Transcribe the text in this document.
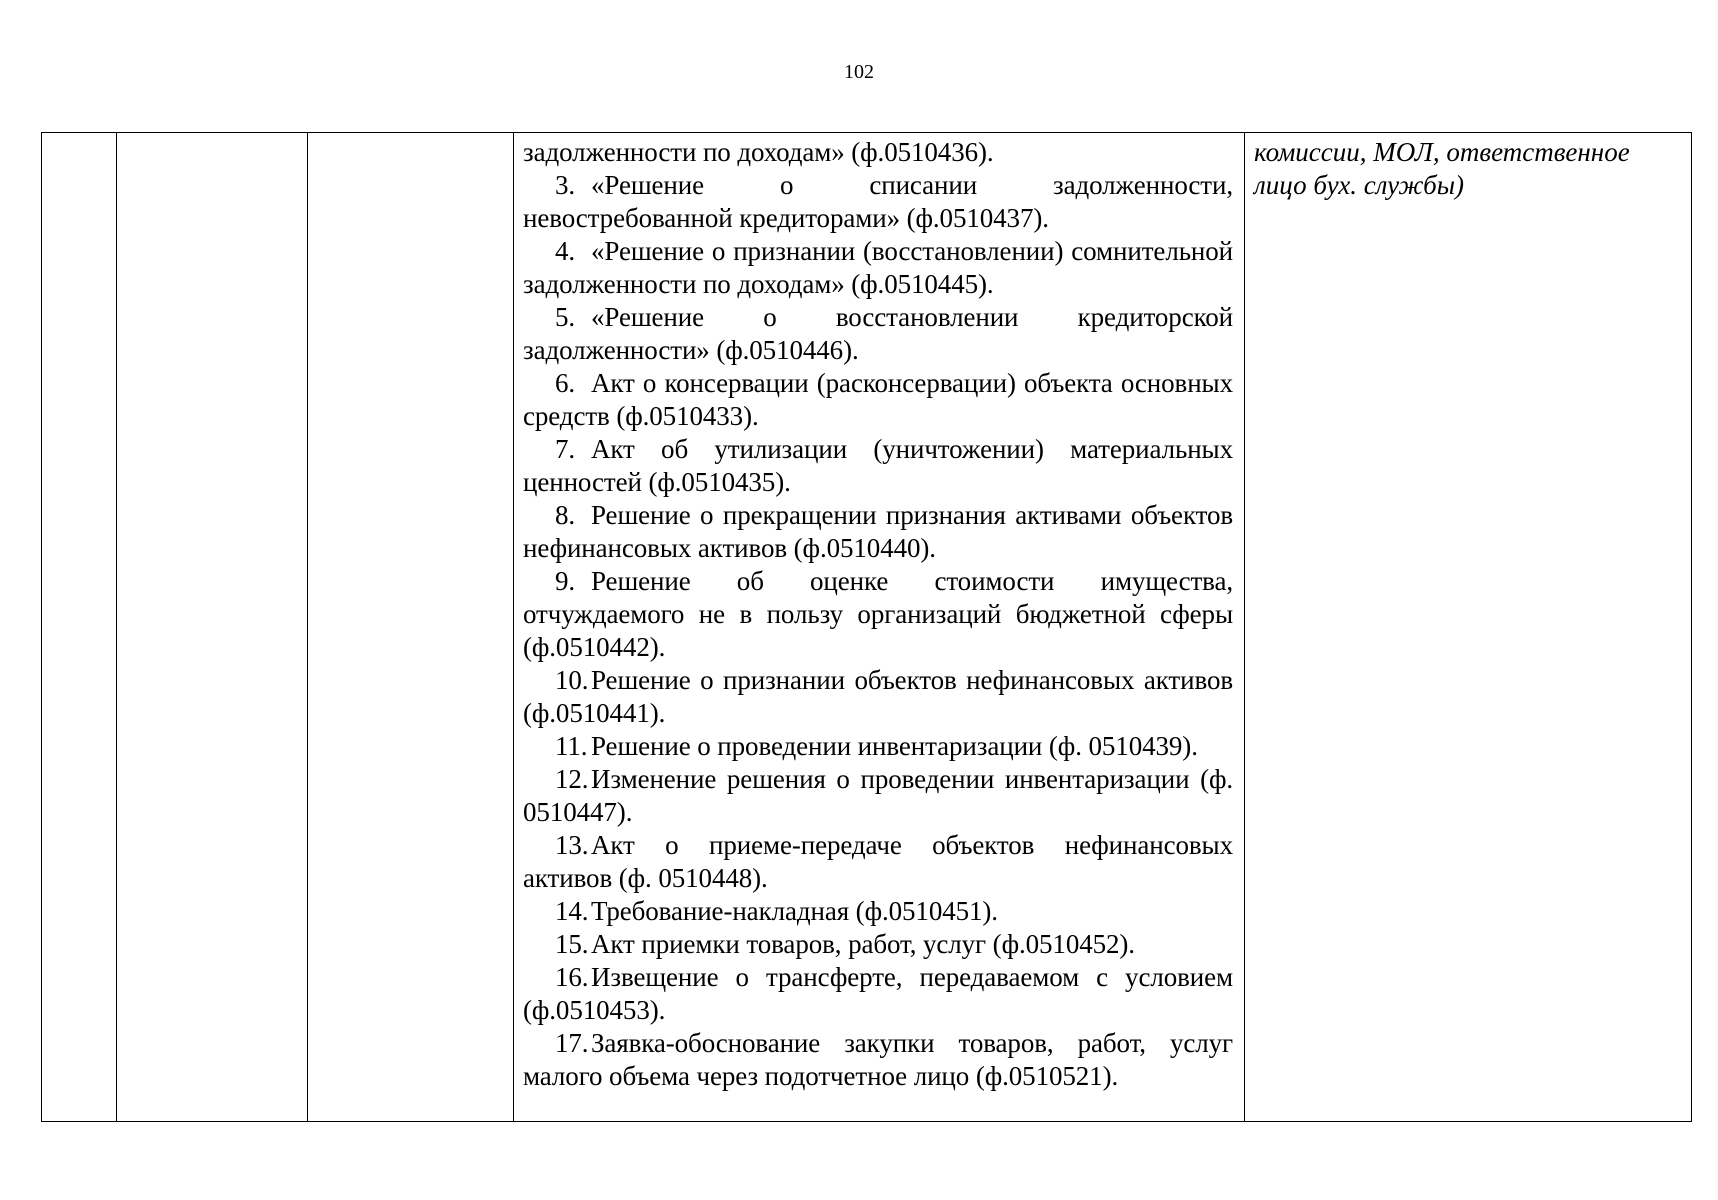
102

задолженности по доходам» (ф.0510436).
3. «Решение о списании задолженности, невостребованной кредиторами» (ф.0510437).
4. «Решение о признании (восстановлении) сомнительной задолженности по доходам» (ф.0510445).
5. «Решение о восстановлении кредиторской задолженности» (ф.0510446).
6. Акт о консервации (расконсервации) объекта основных средств (ф.0510433).
7. Акт об утилизации (уничтожении) материальных ценностей (ф.0510435).
8. Решение о прекращении признания активами объектов нефинансовых активов (ф.0510440).
9. Решение об оценке стоимости имущества, отчуждаемого не в пользу организаций бюджетной сферы (ф.0510442).
10.Решение о признании объектов нефинансовых активов (ф.0510441).
11. Решение о проведении инвентаризации (ф. 0510439).
12.Изменение решения о проведении инвентаризации (ф. 0510447).
13.Акт о приеме-передаче объектов нефинансовых активов (ф. 0510448).
14.Требование-накладная (ф.0510451).
15.Акт приемки товаров, работ, услуг (ф.0510452).
16.Извещение о трансферте, передаваемом с условием (ф.0510453).
17.Заявка-обоснование закупки товаров, работ, услуг малого объема через подотчетное лицо (ф.0510521).

комиссии, МОЛ, ответственное лицо бух. службы)
